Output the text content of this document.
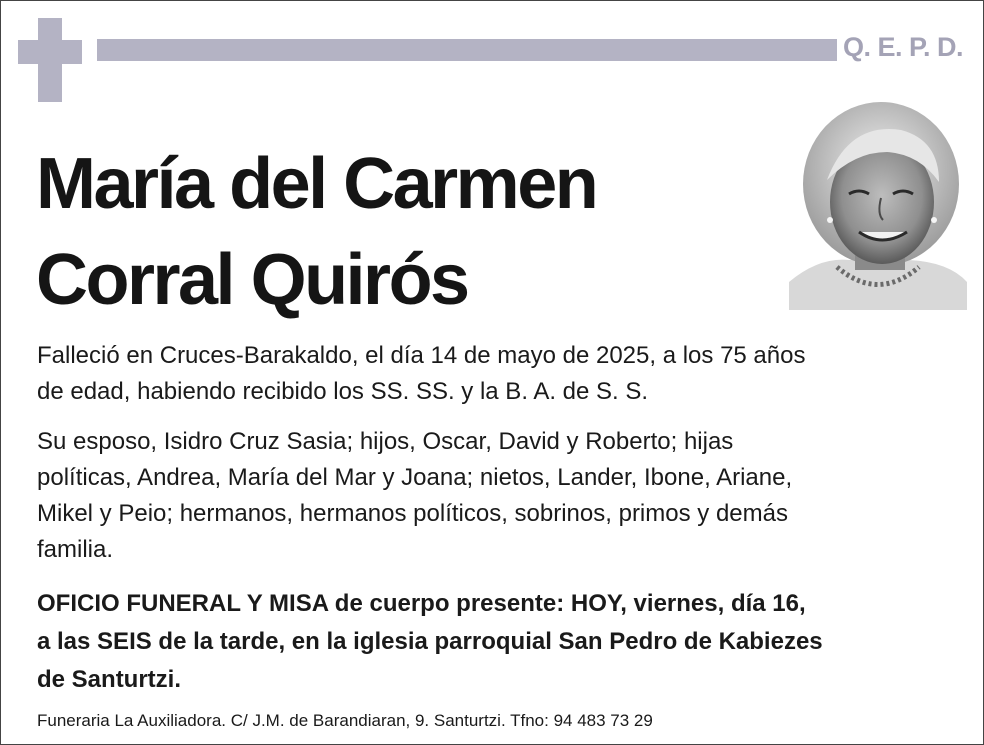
Q. E. P. D.
María del Carmen
Corral Quirós
Falleció en Cruces-Barakaldo, el día 14 de mayo de 2025, a los 75 años
de edad, habiendo recibido los SS. SS. y la B. A. de S. S.
Su esposo, Isidro Cruz Sasia; hijos, Oscar, David y Roberto; hijas
políticas, Andrea, María del Mar y Joana; nietos, Lander, Ibone, Ariane,
Mikel y Peio; hermanos, hermanos políticos, sobrinos, primos y demás
familia.
OFICIO FUNERAL Y MISA de cuerpo presente: HOY, viernes, día 16,
a las SEIS de la tarde, en la iglesia parroquial San Pedro de Kabiezes
de Santurtzi.

Funeraria La Auxiliadora. C/ J.M. de Barandiaran, 9. Santurtzi. Tfno: 94 483 73 29
